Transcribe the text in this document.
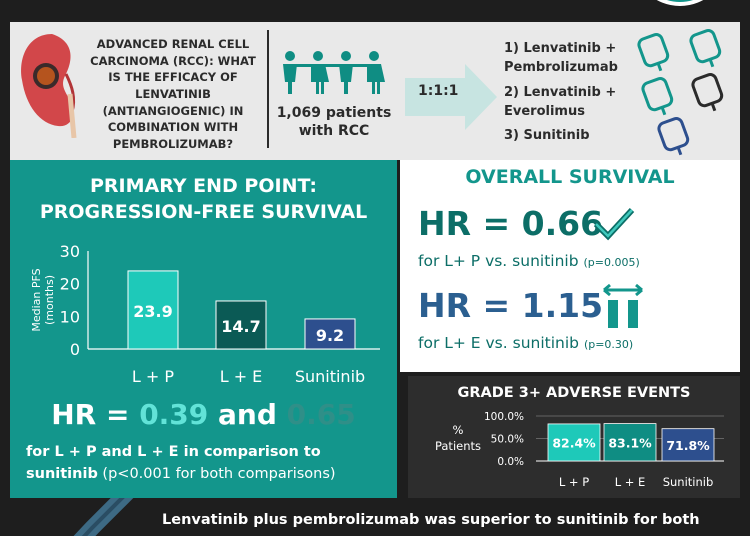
ADVANCED RENAL CELL CARCINOMA (RCC): WHAT IS THE EFFICACY OF LENVATINIB (ANTIANGIOGENIC) IN COMBINATION WITH PEMBROLIZUMAB?
1,069 patients
with RCC
1:1:1
1) Lenvatinib + Pembrolizumab
2) Lenvatinib + Everolimus
3) Sunitinib
PRIMARY END POINT:
PROGRESSION-FREE SURVIVAL
0
10
20
30
Median PFS(months)	23.9
L + P
14.7
L + E
9.2
Sunitinib
HR = 0.39 and 0.65
for L + P and L + E in comparison to sunitinib (p<0.001 for both comparisons)
OVERALL SURVIVAL
HR = 0.66
for L+ P vs. sunitinib (p=0.005)
HR = 1.15
for L+ E vs. sunitinib (p=0.30)
GRADE 3+ ADVERSE EVENTS
0.0%
50.0%
100.0%
% Patients	82.4%
L + P
83.1%
L + E
71.8%
Sunitinib
Lenvatinib plus pembrolizumab was superior to sunitinib for both
